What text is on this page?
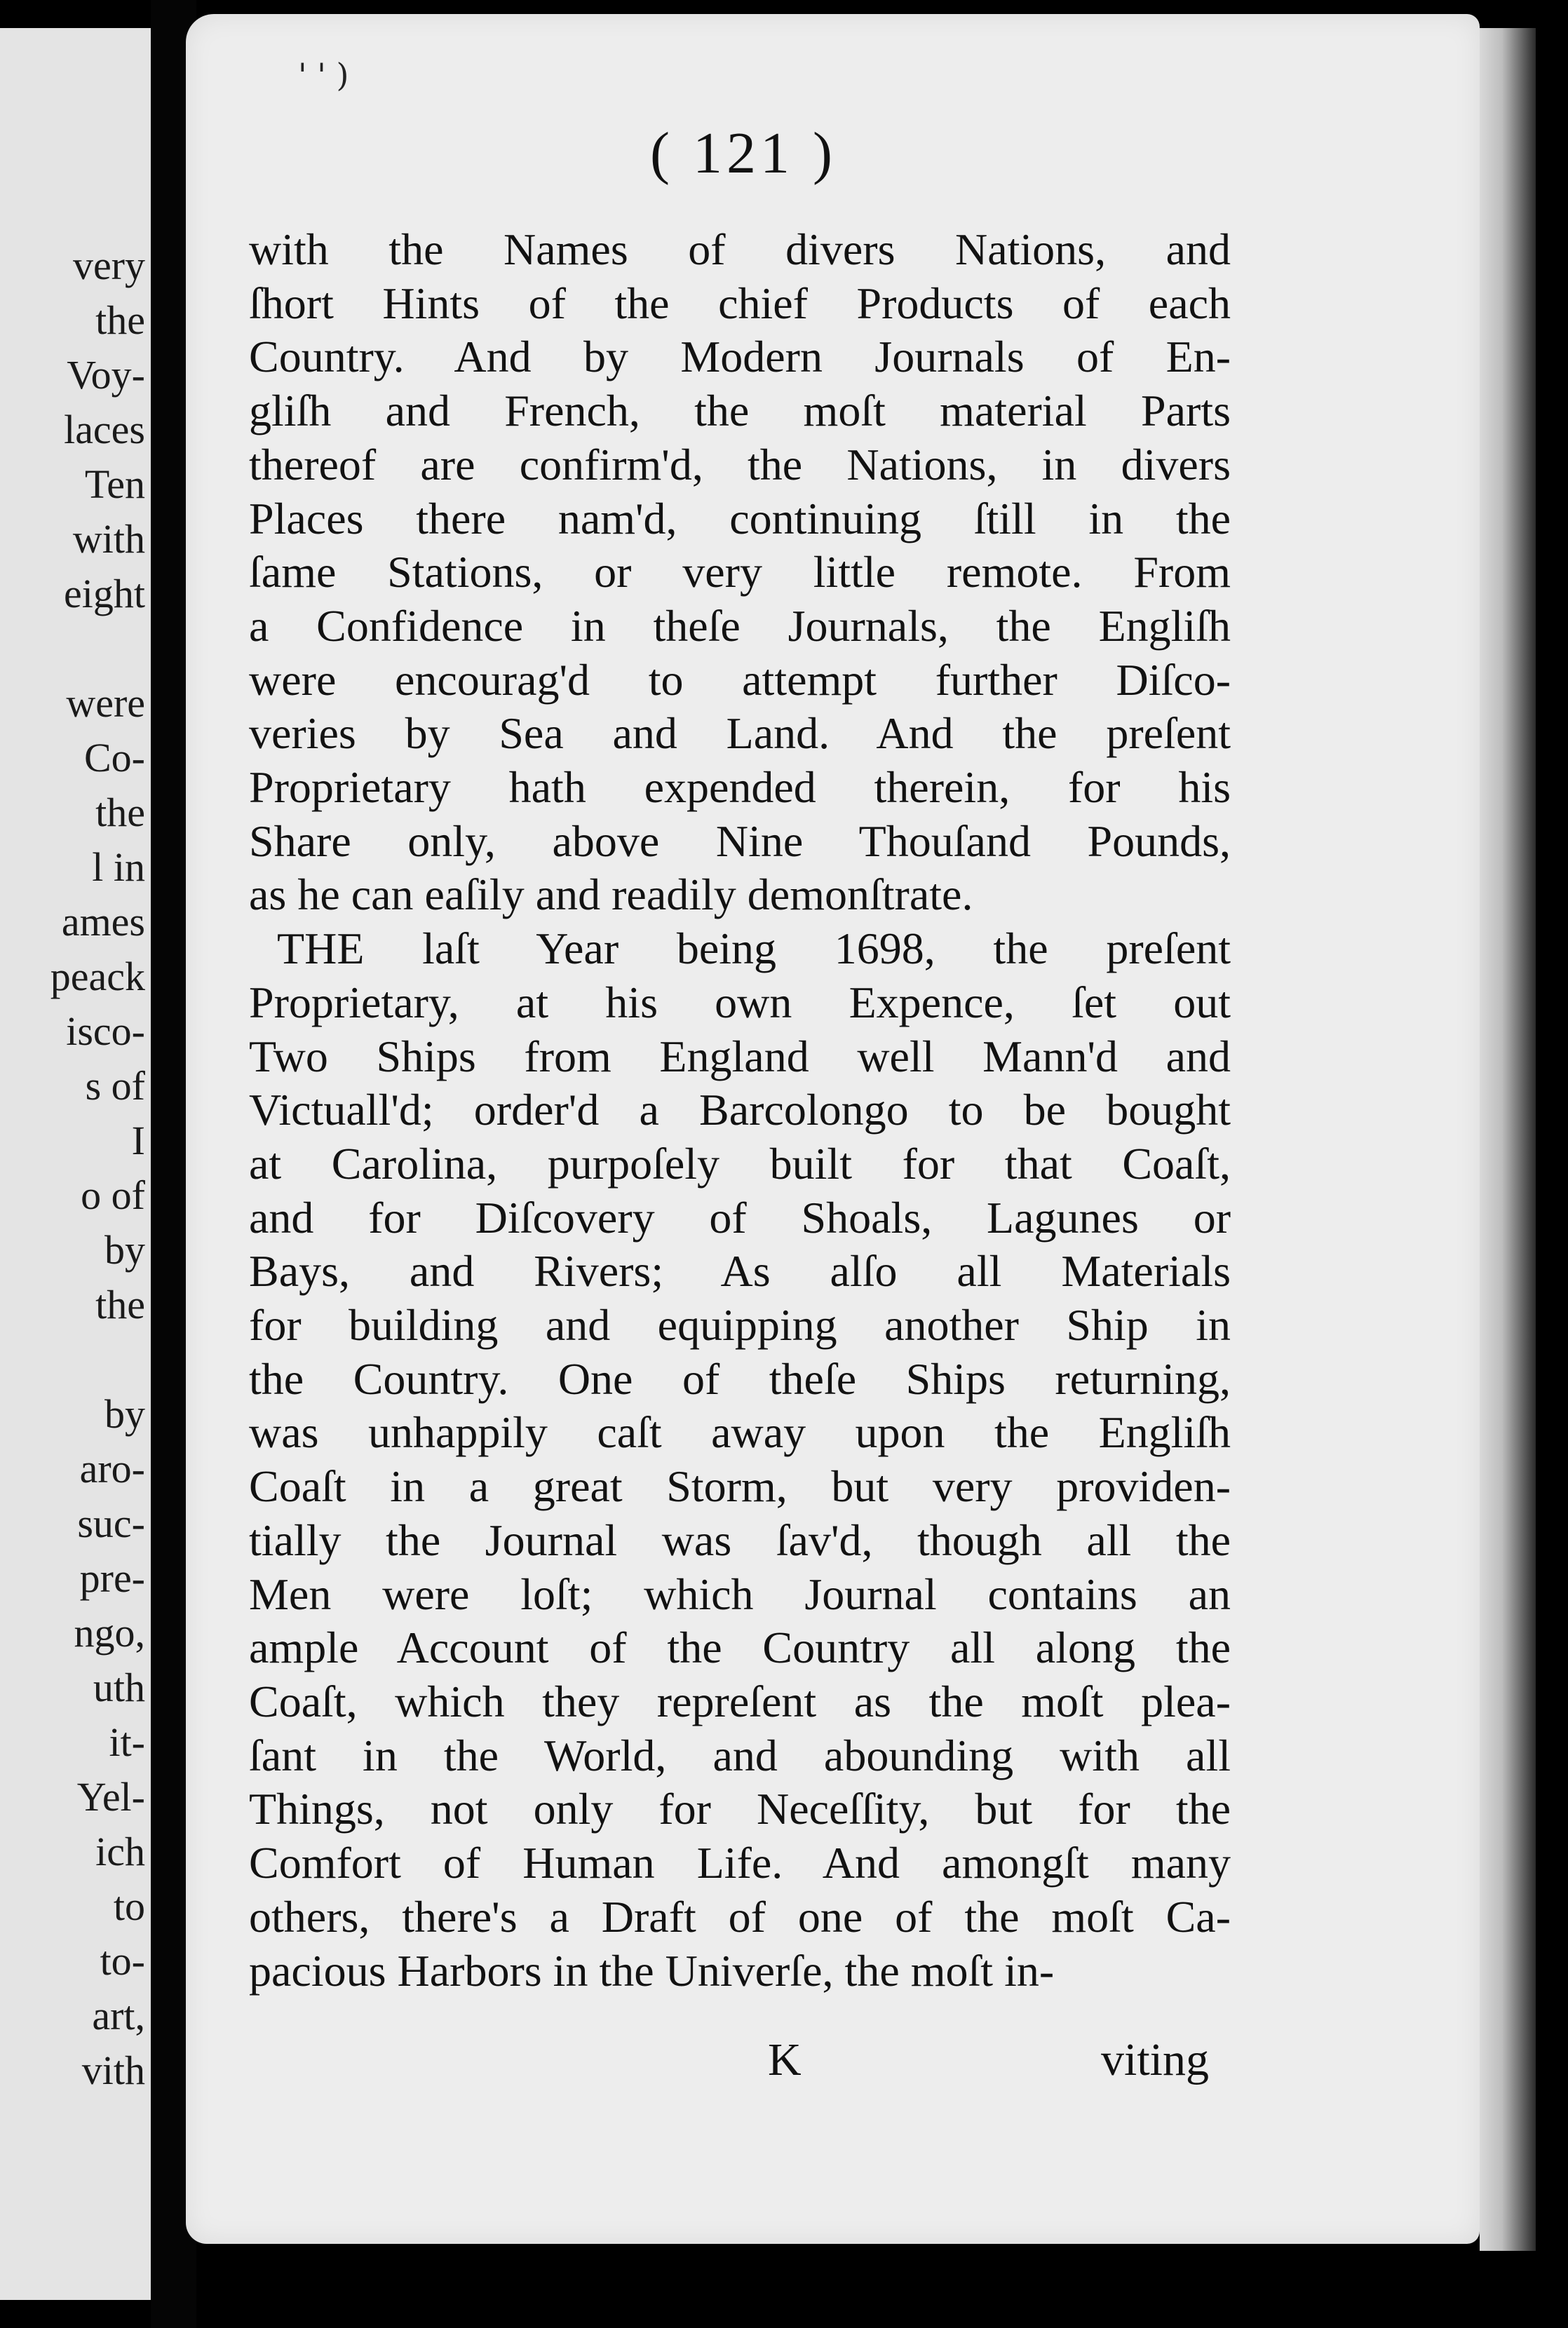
very
the
Voy-
laces
Ten
with
eight

were
Co-
the
l in
ames
peack
isco-
s of
I
o of
by
the

by
aro-
suc-
pre-
ngo,
uth
it-
Yel-
ich
to
to-
art,
vith
' ' )
( 121 )
with the Names of divers Nations, and
ſhort Hints of the chief Products of each
Country. And by Modern Journals of En-
gliſh and French, the moſt material Parts
thereof are confirm'd, the Nations, in divers
Places there nam'd, continuing ſtill in the
ſame Stations, or very little remote. From
a Confidence in theſe Journals, the Engliſh
were encourag'd to attempt further Diſco-
veries by Sea and Land. And the preſent
Proprietary hath expended therein, for his
Share only, above Nine Thouſand Pounds,
as he can eaſily and readily demonſtrate.
THE laſt Year being 1698, the preſent
Proprietary, at his own Expence, ſet out
Two Ships from England well Mann'd and
Victuall'd; order'd a Barcolongo to be bought
at Carolina, purpoſely built for that Coaſt,
and for Diſcovery of Shoals, Lagunes or
Bays, and Rivers; As alſo all Materials
for building and equipping another Ship in
the Country. One of theſe Ships returning,
was unhappily caſt away upon the Engliſh
Coaſt in a great Storm, but very providen-
tially the Journal was ſav'd, though all the
Men were loſt; which Journal contains an
ample Account of the Country all along the
Coaſt, which they repreſent as the moſt plea-
ſant in the World, and abounding with all
Things, not only for Neceſſity, but for the
Comfort of Human Life. And amongſt many
others, there's a Draft of one of the moſt Ca-
pacious Harbors in the Univerſe, the moſt in-
K	viting
